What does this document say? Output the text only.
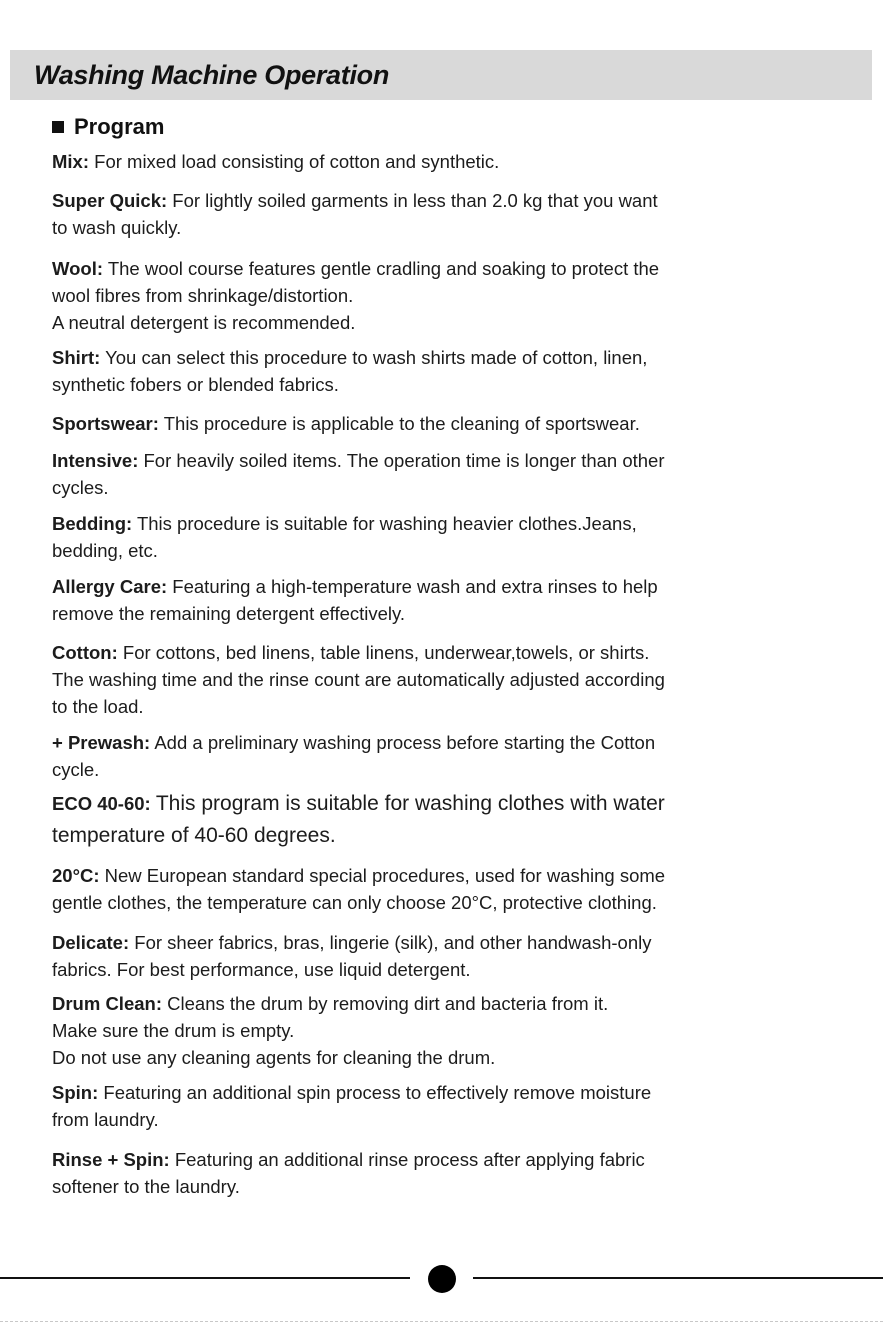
Washing Machine Operation
Program
Mix: For mixed load consisting of cotton and synthetic.
Super Quick: For lightly soiled garments in less than 2.0 kg that you want
to wash quickly.
Wool: The wool course features gentle cradling and soaking to protect the
wool fibres from shrinkage/distortion.
A neutral detergent is recommended.
Shirt: You can select this procedure to wash shirts made of cotton, linen,
synthetic fobers or blended fabrics.
Sportswear: This procedure is applicable to the cleaning of sportswear.
Intensive: For heavily soiled items. The operation time is longer than other
cycles.
Bedding: This procedure is suitable for washing heavier clothes.Jeans,
bedding, etc.
Allergy Care: Featuring a high-temperature wash and extra rinses to help
remove the remaining detergent effectively.
Cotton: For cottons, bed linens, table linens, underwear,towels, or shirts.
The washing time and the rinse count are automatically adjusted according
to the load.
+ Prewash: Add a preliminary washing process before starting the Cotton
cycle.
ECO 40-60: This program is suitable for washing clothes with water
temperature of 40-60 degrees.
20°C: New European standard special procedures, used for washing some
gentle clothes, the temperature can only choose 20°C, protective clothing.
Delicate: For sheer fabrics, bras, lingerie (silk), and other handwash-only
fabrics. For best performance, use liquid detergent.
Drum Clean: Cleans the drum by removing dirt and bacteria from it.
Make sure the drum is empty.
Do not use any cleaning agents for cleaning the drum.
Spin: Featuring an additional spin process to effectively remove moisture
from laundry.
Rinse + Spin: Featuring an additional rinse process after applying fabric
softener to the laundry.
